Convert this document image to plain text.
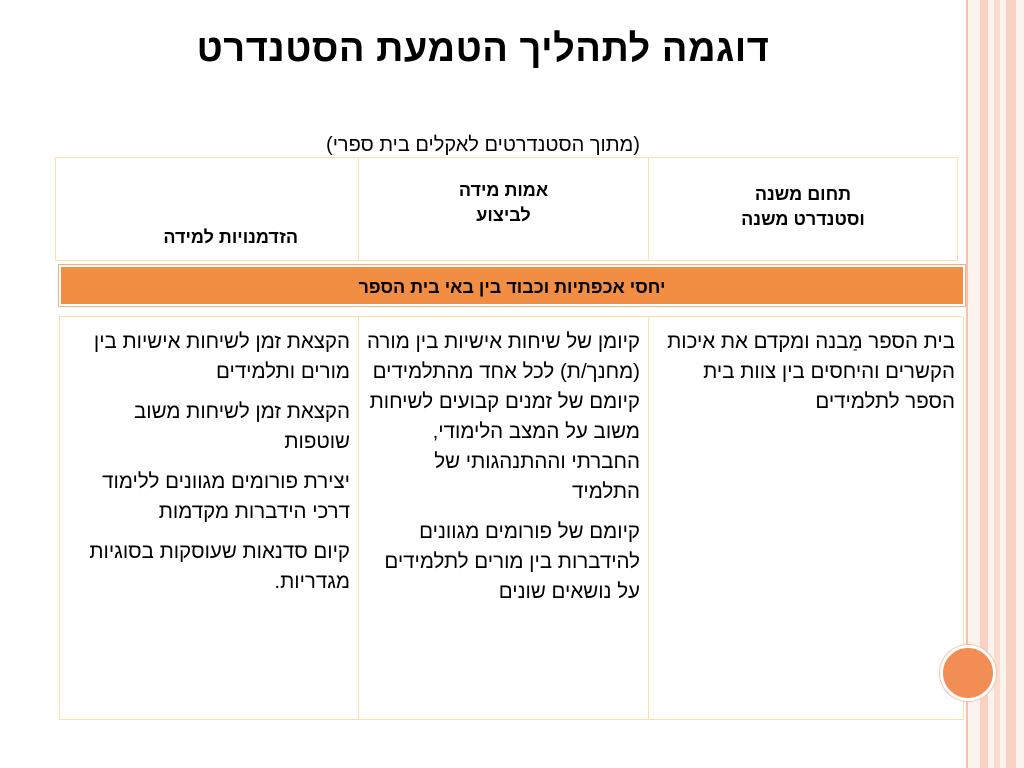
דוגמה לתהליך הטמעת הסטנדרט
(מתוך הסטנדרטים לאקלים בית ספרי)
תחום משנה
וסטנדרט משנה
אמות מידה
לביצוע
הזדמנויות למידה
יחסי אכפתיות וכבוד בין באי בית הספר

בית הספר מַבנה ומקדם את איכות הקשרים והיחסים בין צוות בית הספר לתלמידים

קיומן של שיחות אישיות בין מורה (מחנך/ת) לכל אחד מהתלמידים קיומם של זמנים קבועים לשיחות משוב על המצב הלימודי, החברתי וההתנהגותי של התלמיד

קיומם של פורומים מגוונים להידברות בין מורים לתלמידים על נושאים שונים

הקצאת זמן לשיחות אישיות בין מורים ותלמידים

הקצאת זמן לשיחות משוב שוטפות

יצירת פורומים מגוונים ללימוד דרכי הידברות מקדמות

קיום סדנאות שעוסקות בסוגיות מגדריות.
